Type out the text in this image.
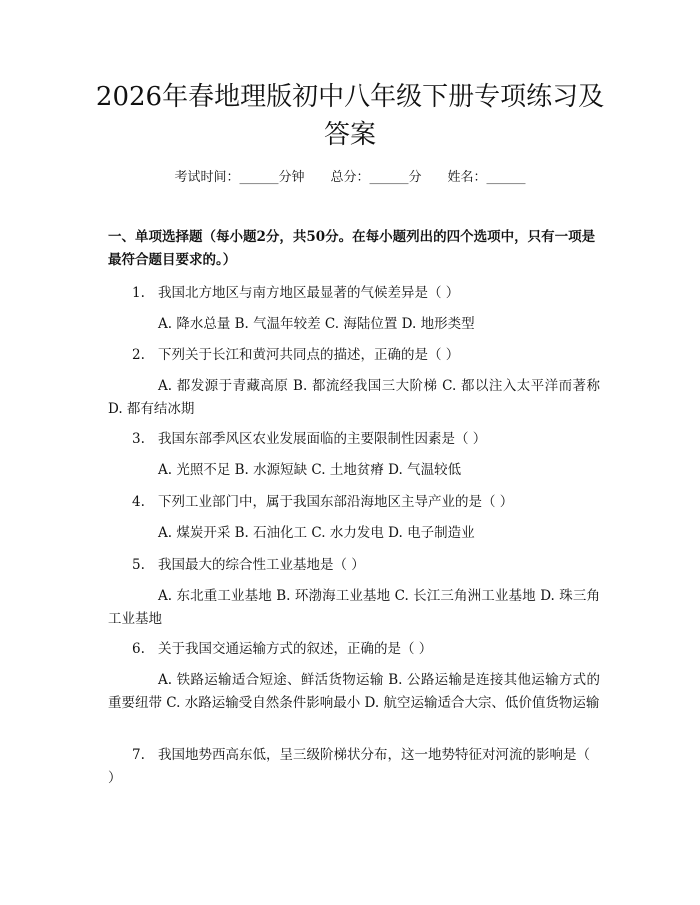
2026年春地理版初中八年级下册专项练习及答案
考试时间：______分钟 总分：______分 姓名：______

一、单项选择题（每小题2分，共50分。在每小题列出的四个选项中，只有一项是最符合题目要求的。）

1. 我国北方地区与南方地区最显著的气候差异是（ ）

A. 降水总量 B. 气温年较差 C. 海陆位置 D. 地形类型

2. 下列关于长江和黄河共同点的描述，正确的是（ ）

A. 都发源于青藏高原 B. 都流经我国三大阶梯 C. 都以注入太平洋而著称 D. 都有结冰期

3. 我国东部季风区农业发展面临的主要限制性因素是（ ）

A. 光照不足 B. 水源短缺 C. 土地贫瘠 D. 气温较低

4. 下列工业部门中，属于我国东部沿海地区主导产业的是（ ）

A. 煤炭开采 B. 石油化工 C. 水力发电 D. 电子制造业

5. 我国最大的综合性工业基地是（ ）

A. 东北重工业基地 B. 环渤海工业基地 C. 长江三角洲工业基地 D. 珠三角工业基地

6. 关于我国交通运输方式的叙述，正确的是（ ）

A. 铁路运输适合短途、鲜活货物运输 B. 公路运输是连接其他运输方式的重要纽带 C. 水路运输受自然条件影响最小 D. 航空运输适合大宗、低价值货物运输

7. 我国地势西高东低，呈三级阶梯状分布，这一地势特征对河流的影响是（ ）
